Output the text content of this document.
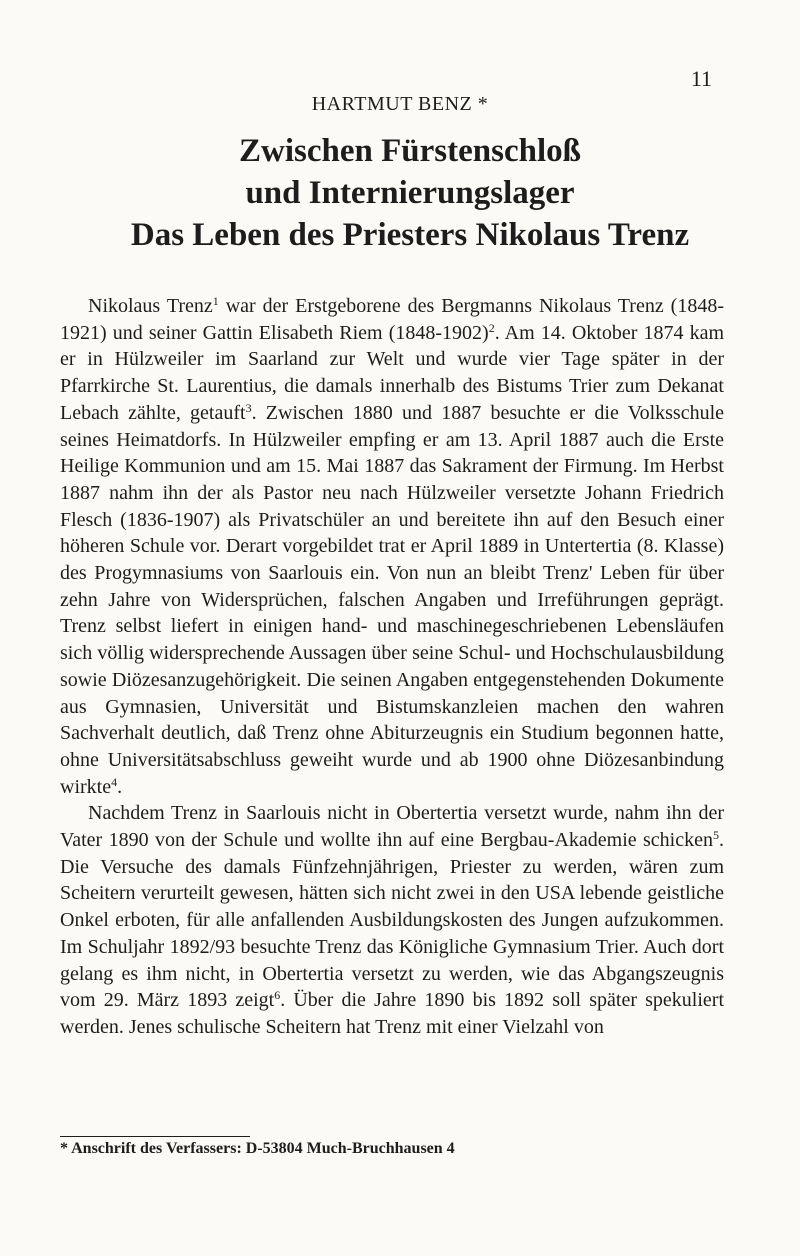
11
HARTMUT BENZ *
Zwischen Fürstenschloß
und Internierungslager
Das Leben des Priesters Nikolaus Trenz

Nikolaus Trenz$^1$ war der Erstgeborene des Bergmanns Nikolaus Trenz (1848-1921) und seiner Gattin Elisabeth Riem (1848-1902)$^2$. Am 14. Oktober 1874 kam er in Hülzweiler im Saarland zur Welt und wurde vier Tage später in der Pfarrkirche St. Laurentius, die damals innerhalb des Bistums Trier zum Dekanat Lebach zählte, getauft$^3$. Zwischen 1880 und 1887 besuchte er die Volksschule seines Heimatdorfs. In Hülzweiler empfing er am 13. April 1887 auch die Erste Heilige Kommunion und am 15. Mai 1887 das Sakrament der Firmung. Im Herbst 1887 nahm ihn der als Pastor neu nach Hülzweiler versetzte Johann Friedrich Flesch (1836-1907) als Privatschüler an und bereitete ihn auf den Besuch einer höheren Schule vor. Derart vorgebildet trat er April 1889 in Untertertia (8. Klasse) des Progymnasiums von Saarlouis ein. Von nun an bleibt Trenz' Leben für über zehn Jahre von Widersprüchen, falschen Angaben und Irreführungen geprägt. Trenz selbst liefert in einigen hand- und maschinegeschriebenen Lebensläufen sich völlig widersprechende Aussagen über seine Schul- und Hochschulausbildung sowie Diözesanzugehörigkeit. Die seinen Angaben entgegenstehenden Dokumente aus Gymnasien, Universität und Bistumskanzleien machen den wahren Sachverhalt deutlich, daß Trenz ohne Abiturzeugnis ein Studium begonnen hatte, ohne Universitätsabschluss geweiht wurde und ab 1900 ohne Diözesanbindung wirkte$^4$.

Nachdem Trenz in Saarlouis nicht in Obertertia versetzt wurde, nahm ihn der Vater 1890 von der Schule und wollte ihn auf eine Bergbau-Akademie schicken$^5$. Die Versuche des damals Fünfzehnjährigen, Priester zu werden, wären zum Scheitern verurteilt gewesen, hätten sich nicht zwei in den USA lebende geistliche Onkel erboten, für alle anfallenden Ausbildungskosten des Jungen aufzukommen. Im Schuljahr 1892/93 besuchte Trenz das Königliche Gymnasium Trier. Auch dort gelang es ihm nicht, in Obertertia versetzt zu werden, wie das Abgangszeugnis vom 29. März 1893 zeigt$^6$. Über die Jahre 1890 bis 1892 soll später spekuliert werden. Jenes schulische Scheitern hat Trenz mit einer Vielzahl von

* Anschrift des Verfassers: D-53804 Much-Bruchhausen 4
